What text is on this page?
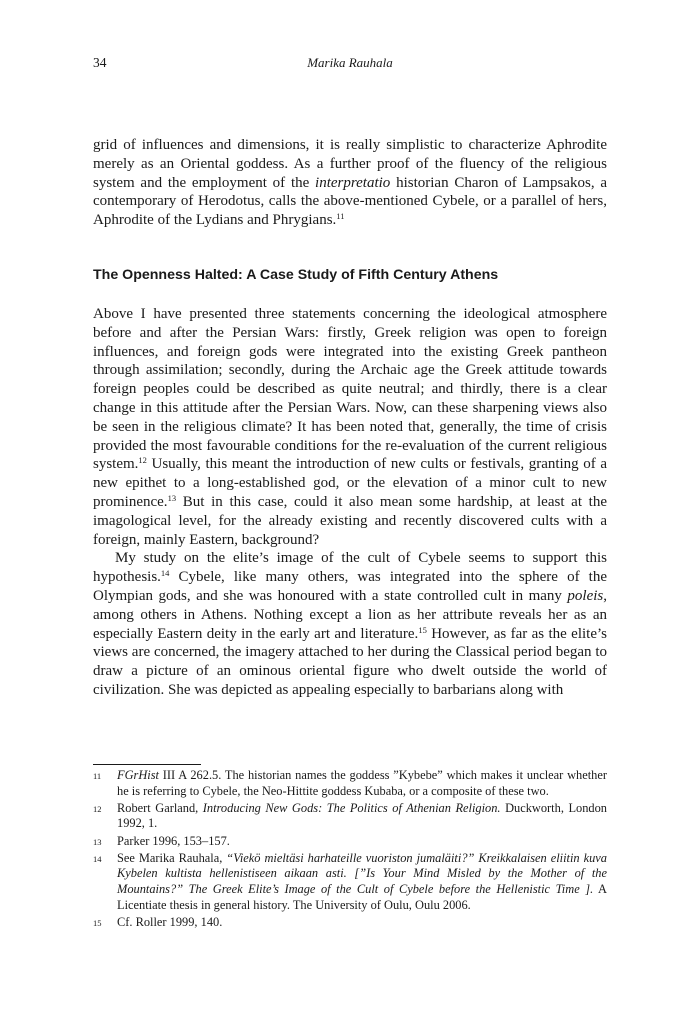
34	Marika Rauhala

grid of influences and dimensions, it is really simplistic to characterize Aphrodite merely as an Oriental goddess. As a further proof of the fluency of the religious system and the employment of the interpretatio historian Charon of Lampsakos, a contemporary of Herodotus, calls the above-mentioned Cybele, or a parallel of hers, Aphrodite of the Lydians and Phrygians.$^{11}$

The Openness Halted: A Case Study of Fifth Century Athens

Above I have presented three statements concerning the ideological atmosphere before and after the Persian Wars: firstly, Greek religion was open to foreign influences, and foreign gods were integrated into the existing Greek pantheon through assimilation; secondly, during the Archaic age the Greek attitude towards foreign peoples could be described as quite neutral; and thirdly, there is a clear change in this attitude after the Persian Wars. Now, can these sharpening views also be seen in the religious climate? It has been noted that, generally, the time of crisis provided the most favourable conditions for the re-evaluation of the current religious system.$^{12}$ Usually, this meant the introduction of new cults or festivals, granting of a new epithet to a long-established god, or the elevation of a minor cult to new prominence.$^{13}$ But in this case, could it also mean some hardship, at least at the imagological level, for the already existing and recently discovered cults with a foreign, mainly Eastern, background?

My study on the elite’s image of the cult of Cybele seems to support this hypothesis.$^{14}$ Cybele, like many others, was integrated into the sphere of the Olympian gods, and she was honoured with a state controlled cult in many poleis, among others in Athens. Nothing except a lion as her attribute reveals her as an especially Eastern deity in the early art and literature.$^{15}$ However, as far as the elite’s views are concerned, the imagery attached to her during the Classical period began to draw a picture of an ominous oriental figure who dwelt outside the world of civilization. She was depicted as appealing especially to barbarians along with

11 FGrHist III A 262.5. The historian names the goddess ”Kybebe” which makes it unclear whether he is referring to Cybele, the Neo-Hittite goddess Kubaba, or a composite of these two.
12 Robert Garland, Introducing New Gods: The Politics of Athenian Religion. Duckworth, London 1992, 1.
13 Parker 1996, 153–157.
14 See Marika Rauhala, “Viekö mieltäsi harhateille vuoriston jumaläiti?” Kreikkalaisen eliitin kuva Kybelen kultista hellenistiseen aikaan asti. [”Is Your Mind Misled by the Mother of the Mountains?” The Greek Elite’s Image of the Cult of Cybele before the Hellenistic Time ]. A Licentiate thesis in general history. The University of Oulu, Oulu 2006.
15 Cf. Roller 1999, 140.
